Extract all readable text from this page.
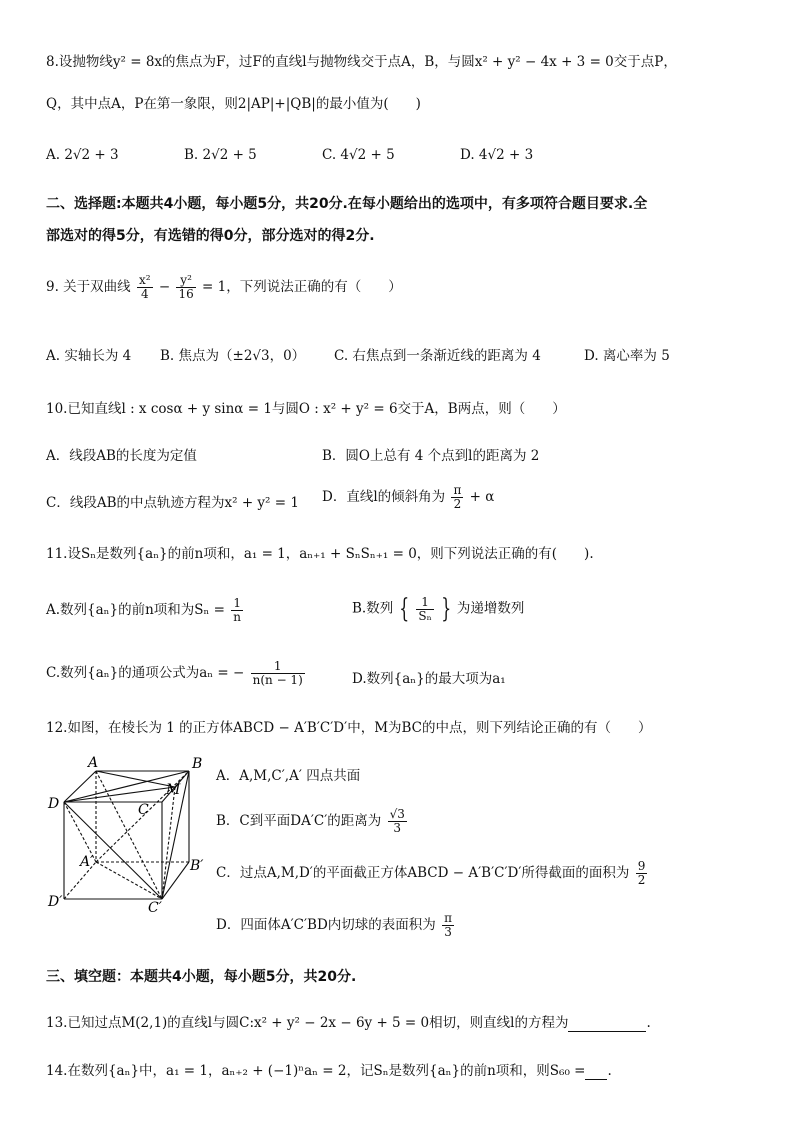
8.设抛物线y² = 8x的焦点为F，过F的直线l与抛物线交于点A，B，与圆x² + y² − 4x + 3 = 0交于点P，
Q，其中点A，P在第一象限，则2|AP|+|QB|的最小值为(　　)
A. 2√2 + 3	B. 2√2 + 5	C. 4√2 + 5	D. 4√2 + 3
二、选择题:本题共4小题，每小题5分，共20分.在每小题给出的选项中，有多项符合题目要求.全
部选对的得5分，有选错的得0分，部分选对的得2分.
9. 关于双曲线 $\frac{\text{x²}}{4} - \frac{\text{y²}}{16} = 1$，下列说法正确的有（　　）
A. 实轴长为 4 B. 焦点为（±2√3，0） C. 右焦点到一条渐近线的距离为 4	D. 离心率为 5
10.已知直线l : x cosα + y sinα = 1与圆O : x² + y² = 6交于A，B两点，则（　　）
A．线段AB的长度为定值	B．圆O上总有 4 个点到l的距离为 2
C．线段AB的中点轨迹方程为x² + y² = 1 D．直线l的倾斜角为 $\frac{\pi}{2} + \alpha$
11.设Sₙ是数列{aₙ}的前n项和，a₁ = 1，aₙ₊₁ + SₙSₙ₊₁ = 0，则下列说法正确的有(　　).
A.数列{aₙ}的前n项和为$S_n = \frac{1}{n}$	B.数列 { $\frac{1}{\text{Sₙ}}$ } 为递增数列
C.数列{aₙ}的通项公式为aₙ = − $\frac{1}{n(n - 1)}$	D.数列{aₙ}的最大项为a₁
12.如图，在棱长为 1 的正方体ABCD − A′B′C′D′中，M为BC的中点，则下列结论正确的有（　　）
A	B
C
D
M
A′	B′
C′
D′
A．A,M,C′,A′ 四点共面
B．C到平面DA′C′的距离为 $\frac{√3}{3}$
C．过点A,M,D′的平面截正方体ABCD − A′B′C′D′所得截面的面积为 $\frac{9}{2}$
D．四面体A′C′BD内切球的表面积为 $\frac{\pi}{3}$
三、填空题：本题共4小题，每小题5分，共20分.
13.已知过点M(2,1)的直线l与圆C:x² + y² − 2x − 6y + 5 = 0相切，则直线l的方程为	.
14.在数列{aₙ}中，a₁ = 1，aₙ₊₂ + (−1)ⁿaₙ = 2，记Sₙ是数列{aₙ}的前n项和，则S₆₀ = .
